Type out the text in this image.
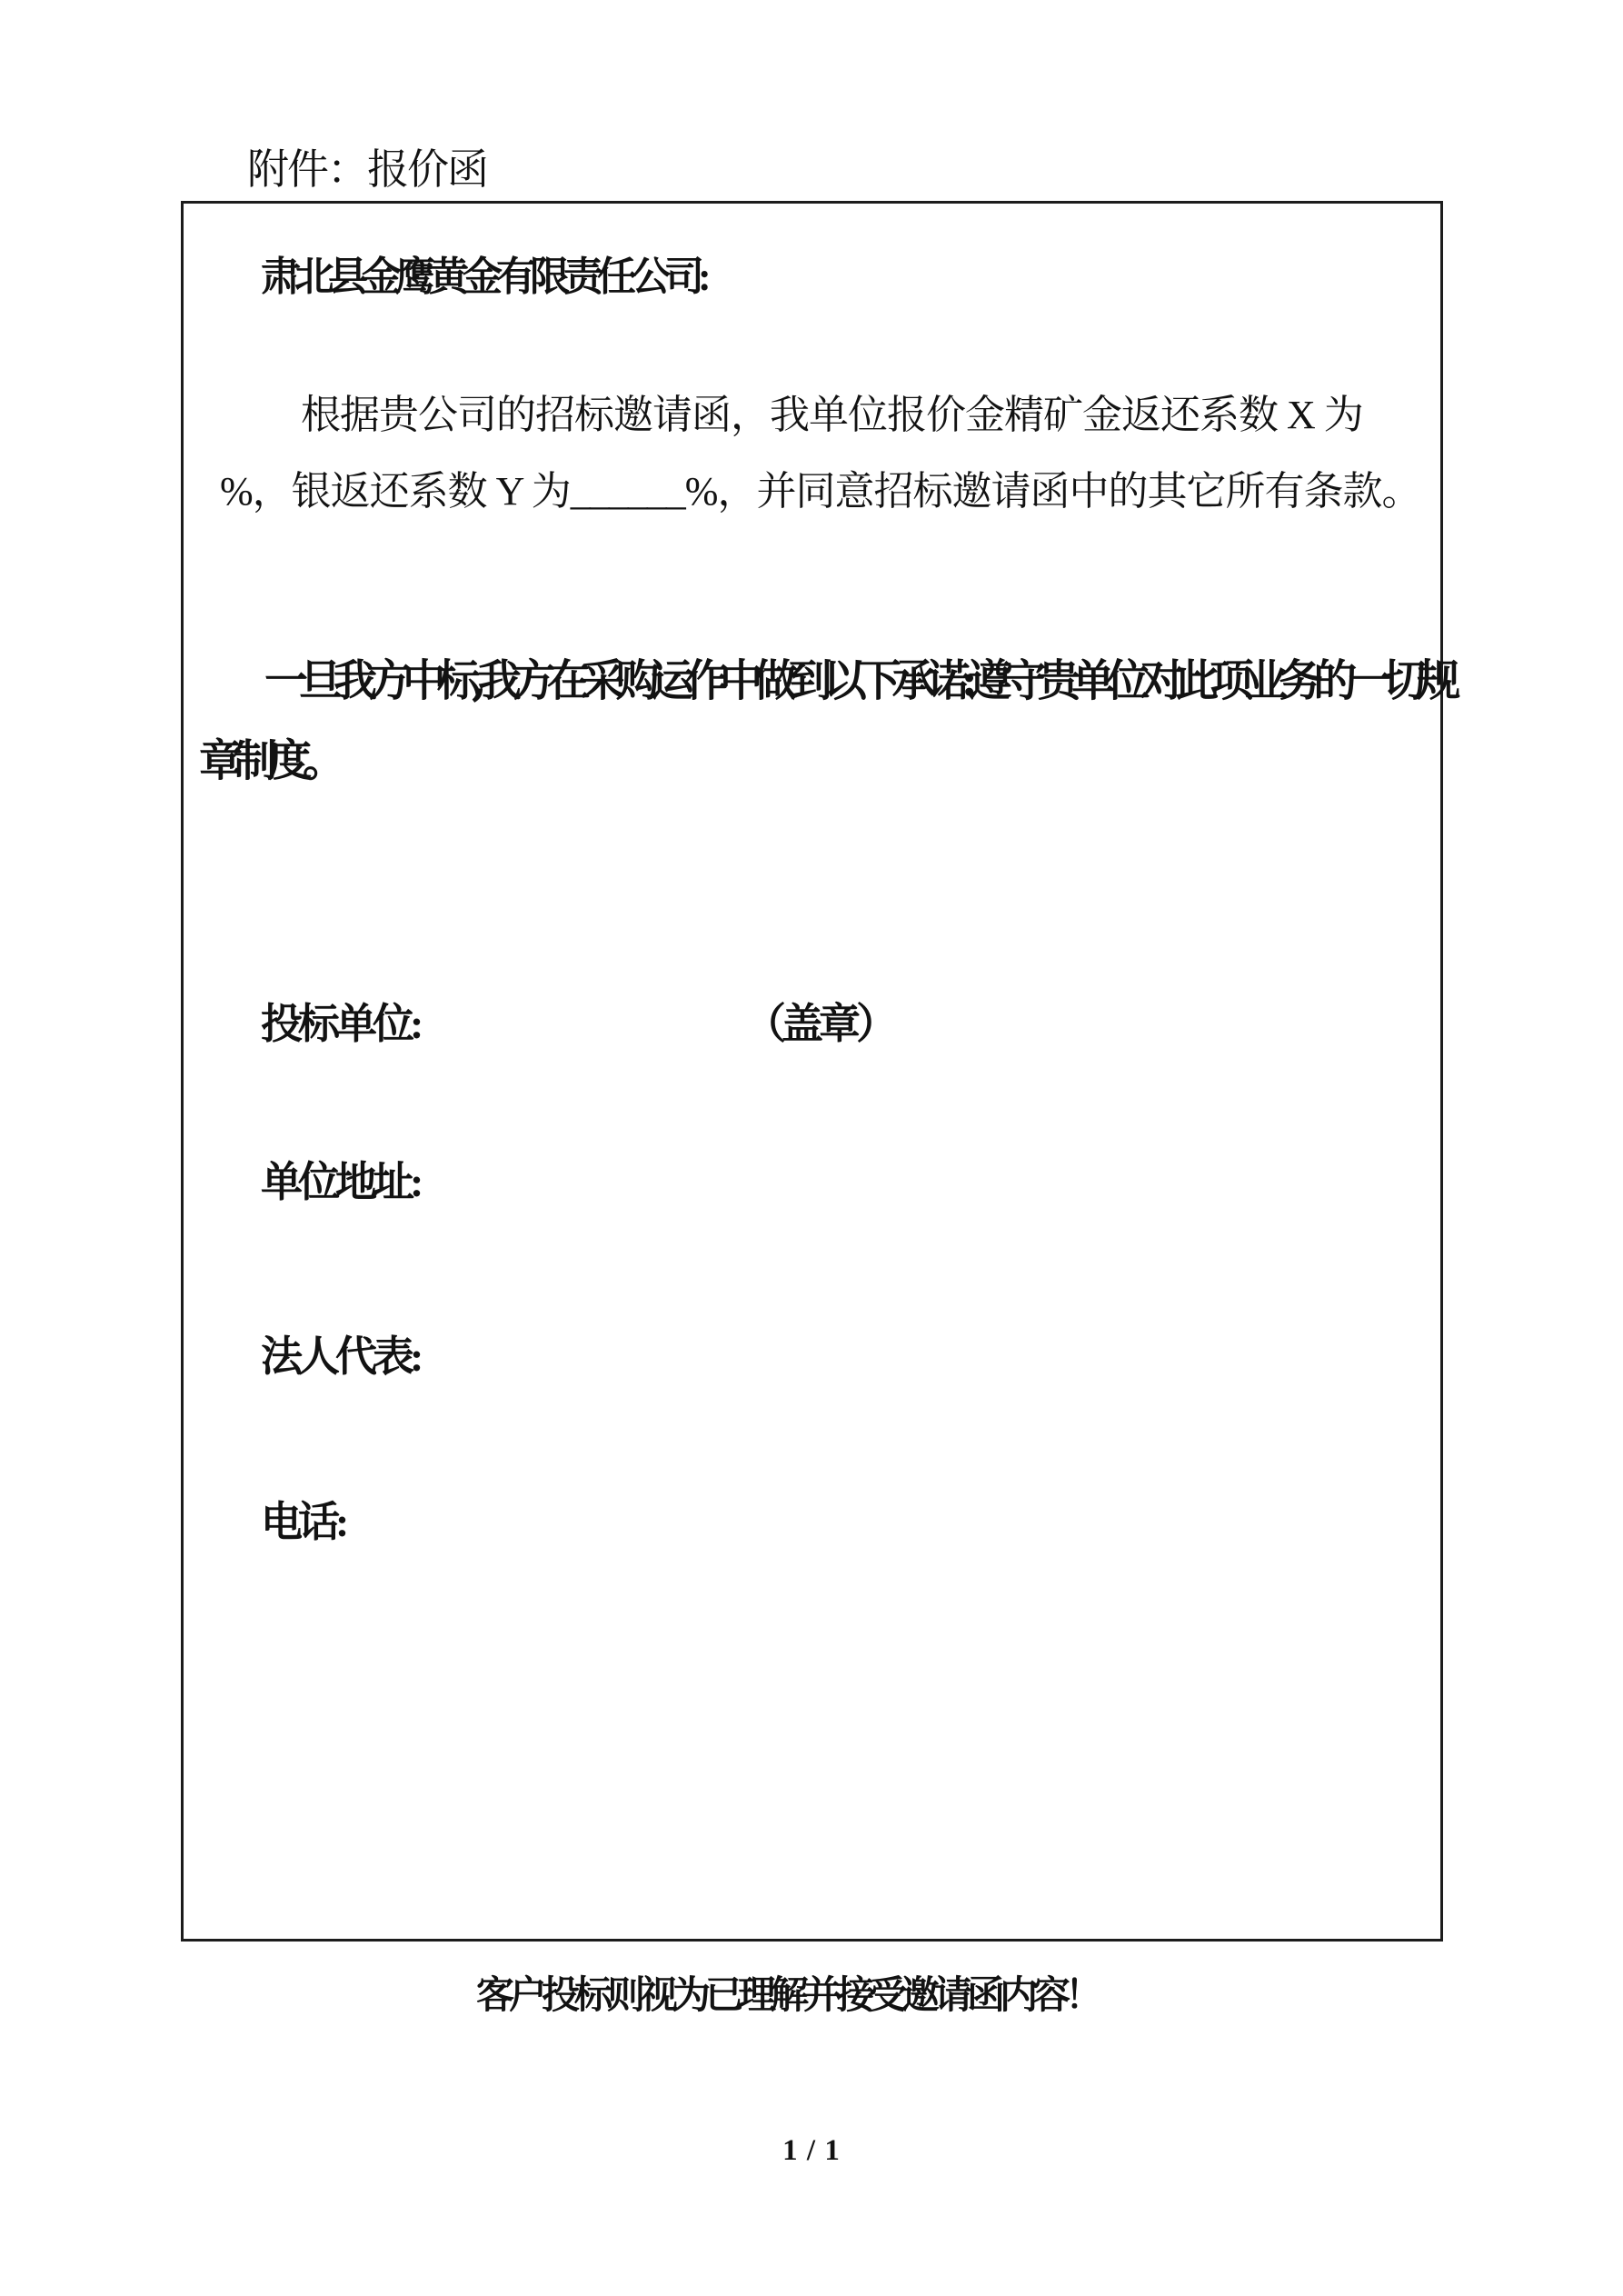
附件：报价函
肃北县金鹰黄金有限责任公司:
根据贵公司的招标邀请函，我单位报价金精矿金返还系数 X 为
%，银返还系数 Y 为______%，并同意招标邀请函中的其它所有条款。
一旦我方中标,我方在采购运作中做到以下承诺:遵守贵单位对此项业务的一切规
章制度。
投标单位:	（盖章）
单位地址:
法人代表:
电话:
客户投标则视为已理解并接受邀请函内容！
1 / 1
